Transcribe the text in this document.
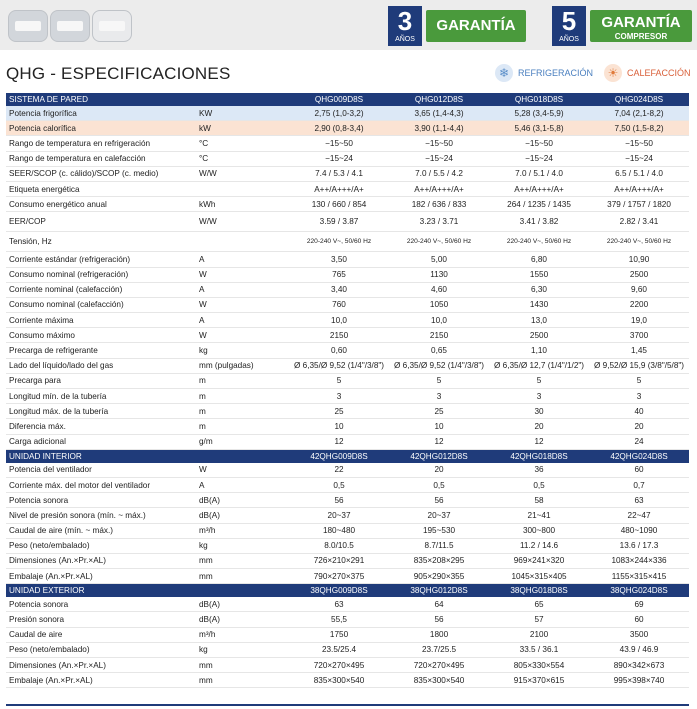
3
AÑOS
GARANTÍA	5
AÑOS
GARANTÍA
COMPRESOR
QHG - ESPECIFICACIONES	❄ REFRIGERACIÓN	☀ CALEFACCIÓN
SISTEMA DE PARED		QHG009D8S	QHG012D8S	QHG018D8S	QHG024D8S
Potencia frigorífica	KW	2,75 (1,0-3,2)	3,65 (1,4-4,3)	5,28 (3,4-5,9)	7,04 (2,1-8,2)
Potencia calorífica	kW	2,90 (0,8-3,4)	3,90 (1,1-4,4)	5,46 (3,1-5,8)	7,50 (1,5-8,2)
Rango de temperatura en refrigeración	°C	−15~50	−15~50	−15~50	−15~50
Rango de temperatura en calefacción	°C	−15~24	−15~24	−15~24	−15~24
SEER/SCOP (c. cálido)/SCOP (c. medio)	W/W	7.4 / 5.3 / 4.1	7.0 / 5.5 / 4.2	7.0 / 5.1 / 4.0	6.5 / 5.1 / 4.0
Etiqueta energética		A++/A+++/A+	A++/A+++/A+	A++/A+++/A+	A++/A+++/A+
Consumo energético anual	kWh	130 / 660 / 854	182 / 636 / 833	264 / 1235 / 1435	379 / 1757 / 1820
EER/COP	W/W	3.59 / 3.87	3.23 / 3.71	3.41 / 3.82	2.82 / 3.41
Tensión, Hz		220-240 V~, 50/60 Hz	220-240 V~, 50/60 Hz	220-240 V~, 50/60 Hz	220-240 V~, 50/60 Hz
Corriente estándar (refrigeración)	A	3,50	5,00	6,80	10,90
Consumo nominal (refrigeración)	W	765	1130	1550	2500
Corriente nominal (calefacción)	A	3,40	4,60	6,30	9,60
Consumo nominal (calefacción)	W	760	1050	1430	2200
Corriente máxima	A	10,0	10,0	13,0	19,0
Consumo máximo	W	2150	2150	2500	3700
Precarga de refrigerante	kg	0,60	0,65	1,10	1,45
Lado del líquido/lado del gas	mm (pulgadas)	Ø 6,35/Ø 9,52 (1/4"/3/8")	Ø 6,35/Ø 9,52 (1/4"/3/8")	Ø 6,35/Ø 12,7 (1/4"/1/2")	Ø 9,52/Ø 15,9 (3/8"/5/8")
Precarga para	m	5	5	5	5
Longitud mín. de la tubería	m	3	3	3	3
Longitud máx. de la tubería	m	25	25	30	40
Diferencia máx.	m	10	10	20	20
Carga adicional	g/m	12	12	12	24
UNIDAD INTERIOR		42QHG009D8S	42QHG012D8S	42QHG018D8S	42QHG024D8S
Potencia del ventilador	W	22	20	36	60
Corriente máx. del motor del ventilador	A	0,5	0,5	0,5	0,7
Potencia sonora	dB(A)	56	56	58	63
Nivel de presión sonora (mín. ~ máx.)	dB(A)	20~37	20~37	21~41	22~47
Caudal de aire (mín. ~ máx.)	m³/h	180~480	195~530	300~800	480~1090
Peso (neto/embalado)	kg	8.0/10.5	8.7/11.5	11.2 / 14.6	13.6 / 17.3
Dimensiones (An.×Pr.×AL)	mm	726×210×291	835×208×295	969×241×320	1083×244×336
Embalaje (An.×Pr.×AL)	mm	790×270×375	905×290×355	1045×315×405	1155×315×415
UNIDAD EXTERIOR		38QHG009D8S	38QHG012D8S	38QHG018D8S	38QHG024D8S
Potencia sonora	dB(A)	63	64	65	69
Presión sonora	dB(A)	55,5	56	57	60
Caudal de aire	m³/h	1750	1800	2100	3500
Peso (neto/embalado)	kg	23.5/25.4	23.7/25.5	33.5 / 36.1	43.9 / 46.9
Dimensiones (An.×Pr.×AL)	mm	720×270×495	720×270×495	805×330×554	890×342×673
Embalaje (An.×Pr.×AL)	mm	835×300×540	835×300×540	915×370×615	995×398×740
